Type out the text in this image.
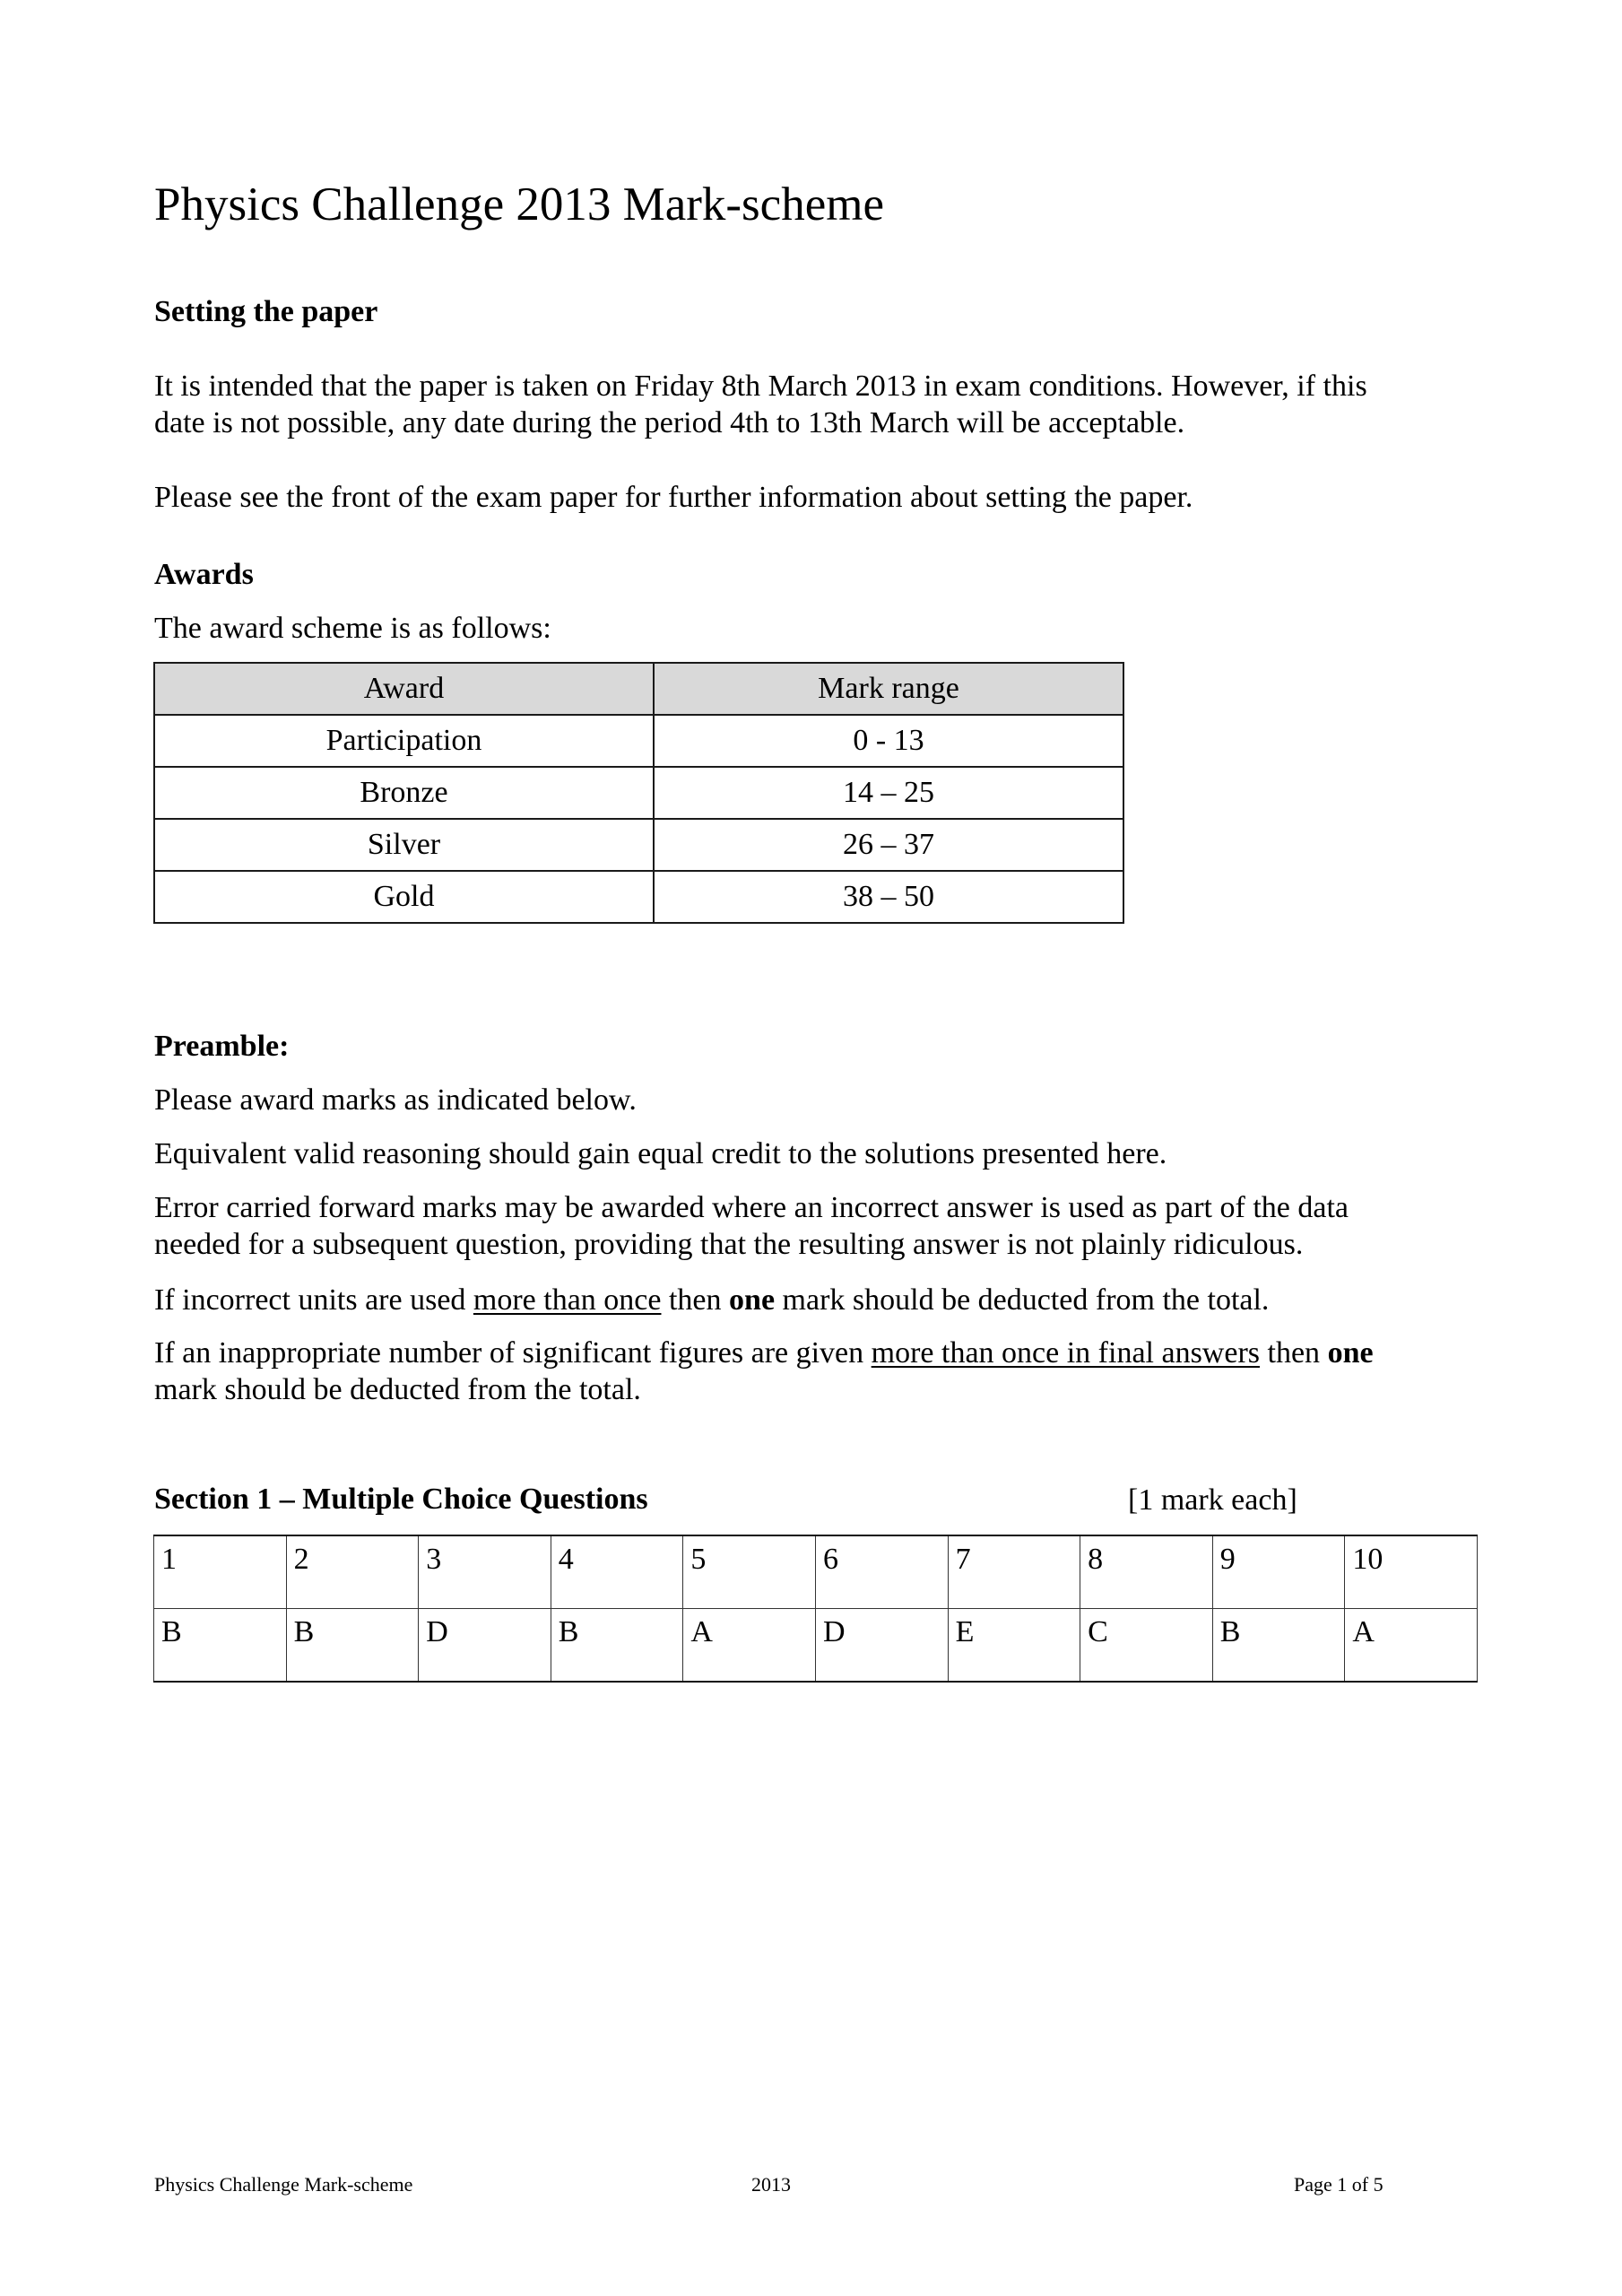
Physics Challenge 2013 Mark-scheme
Setting the paper
It is intended that the paper is taken on Friday 8th March 2013 in exam conditions. However, if this
date is not possible, any date during the period 4th to 13th March will be acceptable.
Please see the front of the exam paper for further information about setting the paper.
Awards
The award scheme is as follows:
Award	Mark range
Participation	0 - 13
Bronze	14 – 25
Silver	26 – 37
Gold	38 – 50
Preamble:
Please award marks as indicated below.
Equivalent valid reasoning should gain equal credit to the solutions presented here.
Error carried forward marks may be awarded where an incorrect answer is used as part of the data
needed for a subsequent question, providing that the resulting answer is not plainly ridiculous.
If incorrect units are used more than once then one mark should be deducted from the total.
If an inappropriate number of significant figures are given more than once in final answers then one
mark should be deducted from the total.
Section 1 – Multiple Choice Questions	[1 mark each]
1	2	3	4	5	6	7	8	9	10
B	B	D	B	A	D	E	C	B	A
Physics Challenge Mark-scheme	2013	Page 1 of 5
